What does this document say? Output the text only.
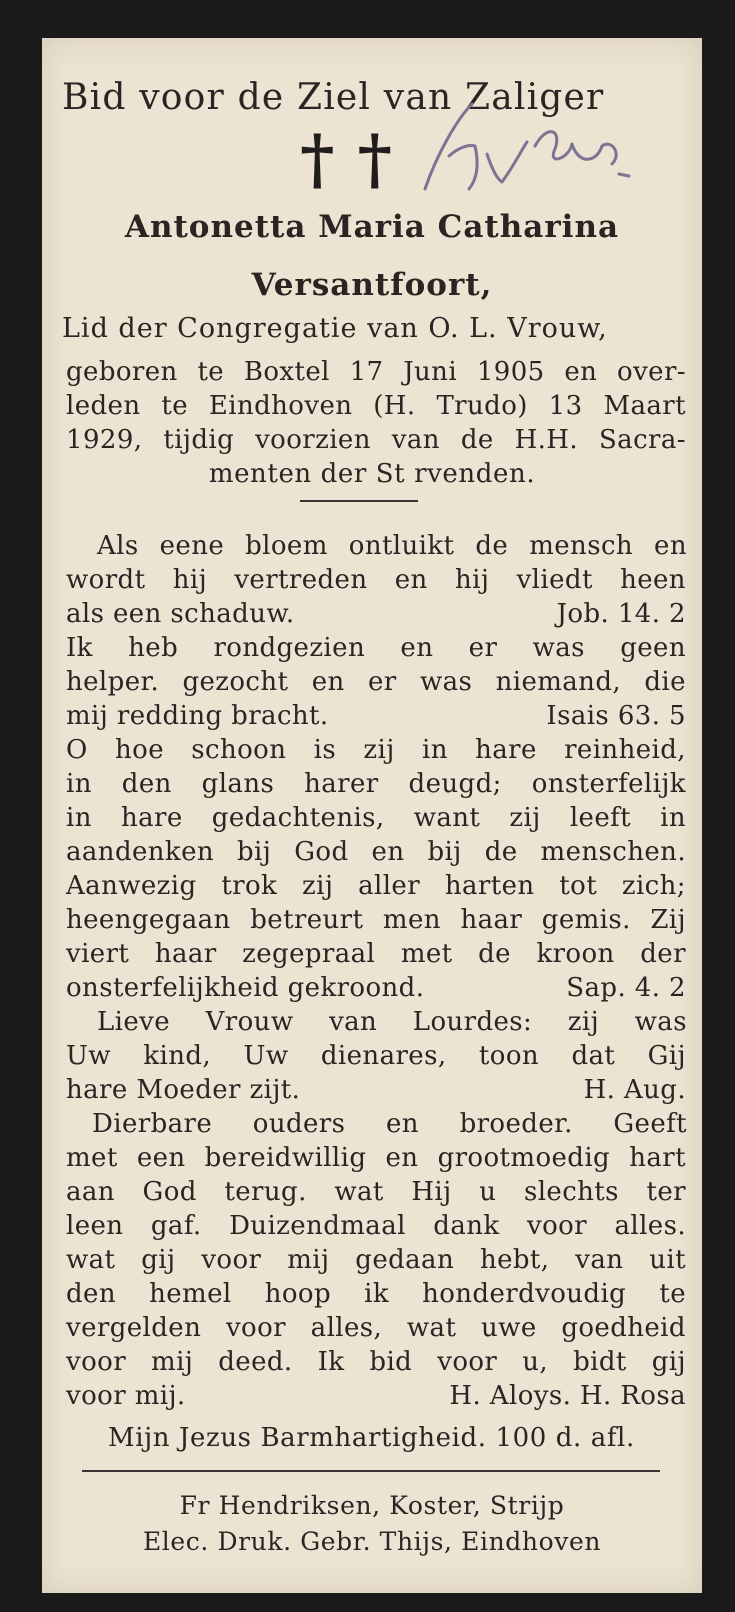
Bid voor de Ziel van Zaliger
† †
Antonetta Maria Catharina
Versantfoort,
Lid der Congregatie van O. L. Vrouw,
geboren te Boxtel 17 Juni 1905 en over-
leden te Eindhoven (H. Trudo) 13 Maart
1929, tijdig voorzien van de H.H. Sacra-
menten der St rvenden.
Als eene bloem ontluikt de mensch en
wordt hij vertreden en hij vliedt heen
als een schaduw.	Job. 14. 2
Ik heb rondgezien en er was geen
helper. gezocht en er was niemand, die
mij redding bracht.	Isais 63. 5
O hoe schoon is zij in hare reinheid,
in den glans harer deugd; onsterfelijk
in hare gedachtenis, want zij leeft in
aandenken bij God en bij de menschen.
Aanwezig trok zij aller harten tot zich;
heengegaan betreurt men haar gemis. Zij
viert haar zegepraal met de kroon der
onsterfelijkheid gekroond.	Sap. 4. 2
Lieve Vrouw van Lourdes: zij was
Uw kind, Uw dienares, toon dat Gij
hare Moeder zijt.	H. Aug.
Dierbare ouders en broeder. Geeft
met een bereidwillig en grootmoedig hart
aan God terug. wat Hij u slechts ter
leen gaf. Duizendmaal dank voor alles.
wat gij voor mij gedaan hebt, van uit
den hemel hoop ik honderdvoudig te
vergelden voor alles, wat uwe goedheid
voor mij deed. Ik bid voor u, bidt gij
voor mij.	H. Aloys. H. Rosa
Mijn Jezus Barmhartigheid. 100 d. afl.
Fr Hendriksen, Koster, Strijp
Elec. Druk. Gebr. Thijs, Eindhoven
